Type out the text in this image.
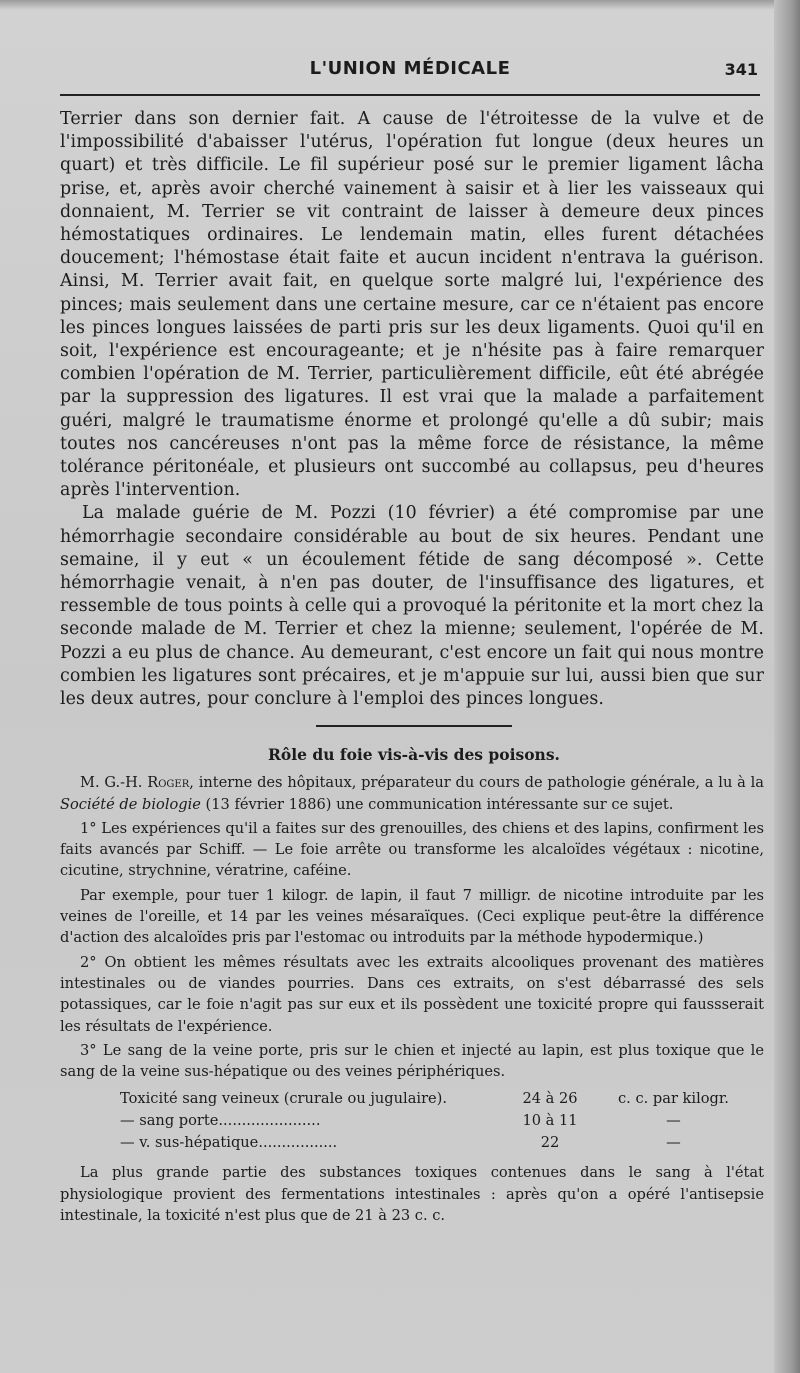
L'UNION MÉDICALE	341

Terrier dans son dernier fait. A cause de l'étroitesse de la vulve et de l'impossibilité d'abaisser l'utérus, l'opération fut longue (deux heures un quart) et très difficile. Le fil supérieur posé sur le premier ligament lâcha prise, et, après avoir cherché vainement à saisir et à lier les vaisseaux qui donnaient, M. Terrier se vit contraint de laisser à demeure deux pinces hémostatiques ordinaires. Le lendemain matin, elles furent détachées doucement; l'hémostase était faite et aucun incident n'entrava la guérison. Ainsi, M. Terrier avait fait, en quelque sorte malgré lui, l'expérience des pinces; mais seulement dans une certaine mesure, car ce n'étaient pas encore les pinces longues laissées de parti pris sur les deux ligaments. Quoi qu'il en soit, l'expérience est encourageante; et je n'hésite pas à faire remarquer combien l'opération de M. Terrier, particulièrement difficile, eût été abrégée par la suppression des ligatures. Il est vrai que la malade a parfaitement guéri, malgré le traumatisme énorme et prolongé qu'elle a dû subir; mais toutes nos cancéreuses n'ont pas la même force de résistance, la même tolérance péritonéale, et plusieurs ont succombé au collapsus, peu d'heures après l'intervention.

La malade guérie de M. Pozzi (10 février) a été compromise par une hémorrhagie secondaire considérable au bout de six heures. Pendant une semaine, il y eut « un écoulement fétide de sang décomposé ». Cette hémorrhagie venait, à n'en pas douter, de l'insuffisance des ligatures, et ressemble de tous points à celle qui a provoqué la péritonite et la mort chez la seconde malade de M. Terrier et chez la mienne; seulement, l'opérée de M. Pozzi a eu plus de chance. Au demeurant, c'est encore un fait qui nous montre combien les ligatures sont précaires, et je m'appuie sur lui, aussi bien que sur les deux autres, pour conclure à l'emploi des pinces longues.

Rôle du foie vis-à-vis des poisons.

M. G.-H. Roger, interne des hôpitaux, préparateur du cours de pathologie générale, a lu à la Société de biologie (13 février 1886) une communication intéressante sur ce sujet.

1° Les expériences qu'il a faites sur des grenouilles, des chiens et des lapins, confirment les faits avancés par Schiff. — Le foie arrête ou transforme les alcaloïdes végétaux : nicotine, cicutine, strychnine, vératrine, caféine.

Par exemple, pour tuer 1 kilogr. de lapin, il faut 7 milligr. de nicotine introduite par les veines de l'oreille, et 14 par les veines mésaraïques. (Ceci explique peut-être la différence d'action des alcaloïdes pris par l'estomac ou introduits par la méthode hypodermique.)

2° On obtient les mêmes résultats avec les extraits alcooliques provenant des matières intestinales ou de viandes pourries. Dans ces extraits, on s'est débarrassé des sels potassiques, car le foie n'agit pas sur eux et ils possèdent une toxicité propre qui faussserait les résultats de l'expérience.

3° Le sang de la veine porte, pris sur le chien et injecté au lapin, est plus toxique que le sang de la veine sus-hépatique ou des veines périphériques.

Toxicité sang veineux (crurale ou jugulaire).	24 à 26	c. c. par kilogr.
— sang porte......................	10 à 11	—
— v. sus-hépatique.................	22	—

La plus grande partie des substances toxiques contenues dans le sang à l'état physiologique provient des fermentations intestinales : après qu'on a opéré l'antisepsie intestinale, la toxicité n'est plus que de 21 à 23 c. c.
